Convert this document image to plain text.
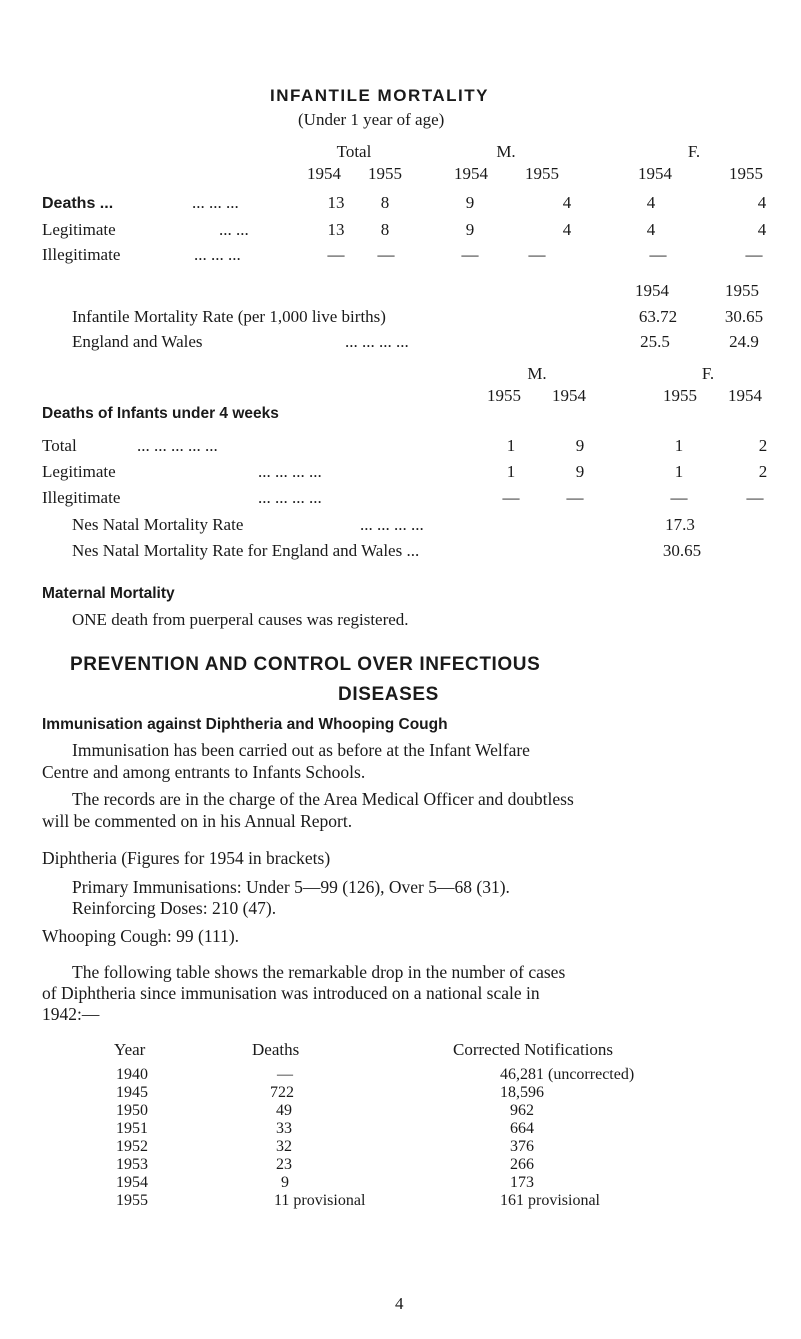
INFANTILE MORTALITY
(Under 1 year of age)
Total	M.	F.
1954	1955	1954	1955	1954	1955
Deaths ...	... ... ...	13	8	9	4	4	4
Legitimate	... ...	13	8	9	4	4	4
Illegitimate	... ... ...	—	—	—	—	—	—
1954	1955
Infantile Mortality Rate (per 1,000 live births)	63.72	30.65
England and Wales	... ... ... ...	25.5	24.9
M.	F.
1955	1954	1955	1954
Deaths of Infants under 4 weeks
Total	... ... ... ... ...	1	9	1	2
Legitimate	... ... ... ...	1	9	1	2
Illegitimate	... ... ... ...	—	—	—	—
Nes Natal Mortality Rate	... ... ... ...	17.3
Nes Natal Mortality Rate for England and Wales ...	30.65
Maternal Mortality
ONE death from puerperal causes was registered.
PREVENTION AND CONTROL OVER INFECTIOUS
DISEASES
Immunisation against Diphtheria and Whooping Cough
Immunisation has been carried out as before at the Infant Welfare
Centre and among entrants to Infants Schools.
The records are in the charge of the Area Medical Officer and doubtless
will be commented on in his Annual Report.
Diphtheria (Figures for 1954 in brackets)
Primary Immunisations: Under 5—99 (126), Over 5—68 (31).
Reinforcing Doses: 210 (47).
Whooping Cough: 99 (111).
The following table shows the remarkable drop in the number of cases
of Diphtheria since immunisation was introduced on a national scale in
1942:—
Year	Deaths	Corrected Notifications
1940	—	46,281 (uncorrected)
1945	722	18,596
1950	49	962
1951	33	664
1952	32	376
1953	23	266
1954	9	173
1955	11 provisional	161 provisional
4
